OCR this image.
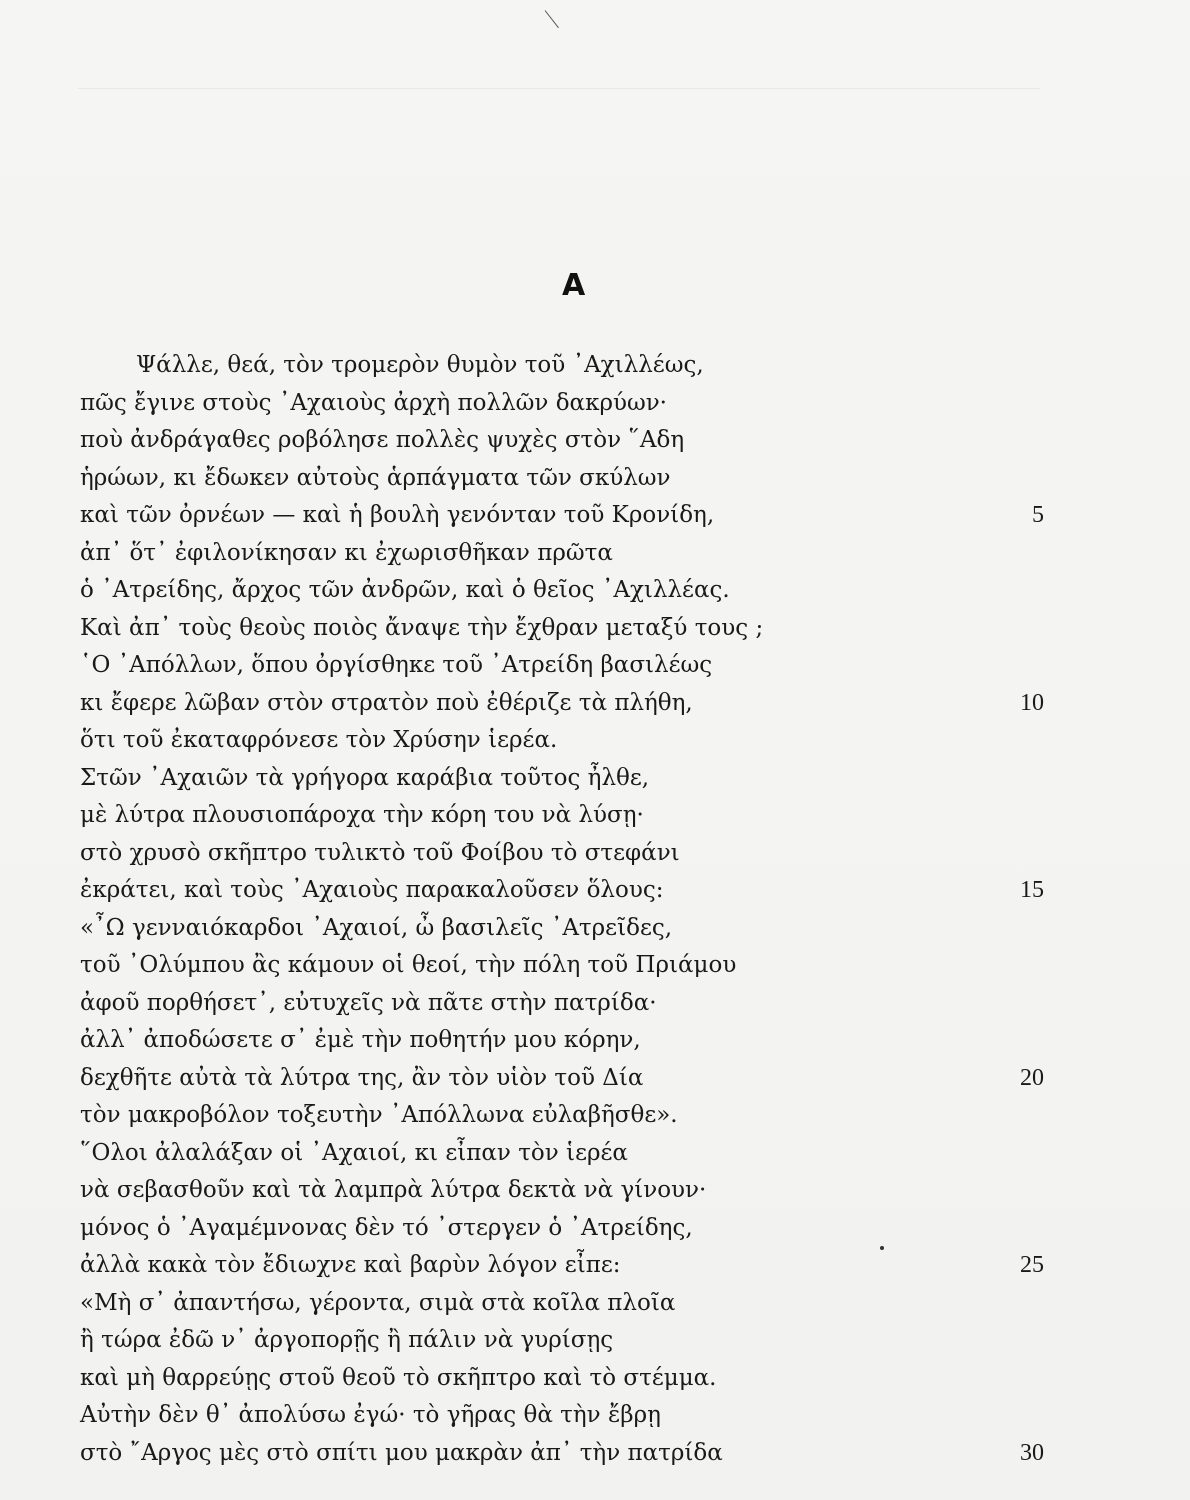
Α
Ψάλλε, θεά, τὸν τρομερὸν θυμὸν τοῦ ᾿Αχιλλέως,
πῶς ἔγινε στοὺς ᾿Αχαιοὺς ἀρχὴ πολλῶν δακρύων·
ποὺ ἀνδράγαθες ροβόλησε πολλὲς ψυχὲς στὸν ῞Αδη
ἡρώων, κι ἔδωκεν αὐτοὺς ἁρπάγματα τῶν σκύλων
καὶ τῶν ὀρνέων — καὶ ἡ βουλὴ γενόνταν τοῦ Κρονίδη,	5
ἀπ᾿ ὅτ᾿ ἐφιλονίκησαν κι ἐχωρισθῆκαν πρῶτα
ὁ ᾿Ατρείδης, ἄρχος τῶν ἀνδρῶν, καὶ ὁ θεῖος ᾿Αχιλλέας.
Καὶ ἀπ᾿ τοὺς θεοὺς ποιὸς ἄναψε τὴν ἔχθραν μεταξύ τους ;
῾Ο ᾿Απόλλων, ὅπου ὀργίσθηκε τοῦ ᾿Ατρείδη βασιλέως
κι ἔφερε λῶβαν στὸν στρατὸν ποὺ ἐθέριζε τὰ πλήθη,	10
ὅτι τοῦ ἐκαταφρόνεσε τὸν Χρύσην ἱερέα.
Στῶν ᾿Αχαιῶν τὰ γρήγορα καράβια τοῦτος ἦλθε,
μὲ λύτρα πλουσιοπάροχα τὴν κόρη του νὰ λύσῃ·
στὸ χρυσὸ σκῆπτρο τυλικτὸ τοῦ Φοίβου τὸ στεφάνι
ἐκράτει, καὶ τοὺς ᾿Αχαιοὺς παρακαλοῦσεν ὅλους:	15
«῏Ω γενναιόκαρδοι ᾿Αχαιοί, ὦ βασιλεῖς ᾿Ατρεῖδες,
τοῦ ᾿Ολύμπου ἂς κάμουν οἱ θεοί, τὴν πόλη τοῦ Πριάμου
ἀφοῦ πορθήσετ᾿, εὐτυχεῖς νὰ πᾶτε στὴν πατρίδα·
ἀλλ᾿ ἀποδώσετε σ᾿ ἐμὲ τὴν ποθητήν μου κόρην,
δεχθῆτε αὐτὰ τὰ λύτρα της, ἂν τὸν υἱὸν τοῦ Δία	20
τὸν μακροβόλον τοξευτὴν ᾿Απόλλωνα εὐλαβῆσθε».
῞Ολοι ἀλαλάξαν οἱ ᾿Αχαιοί, κι εἶπαν τὸν ἱερέα
νὰ σεβασθοῦν καὶ τὰ λαμπρὰ λύτρα δεκτὰ νὰ γίνουν·
μόνος ὁ ᾿Αγαμέμνονας δὲν τό ᾿στεργεν ὁ ᾿Ατρείδης,
ἀλλὰ κακὰ τὸν ἔδιωχνε καὶ βαρὺν λόγον εἶπε:	25
«Μὴ σ᾿ ἀπαντήσω, γέροντα, σιμὰ στὰ κοῖλα πλοῖα
ἢ τώρα ἐδῶ ν᾿ ἀργοπορῇς ἢ πάλιν νὰ γυρίσῃς
καὶ μὴ θαρρεύῃς στοῦ θεοῦ τὸ σκῆπτρο καὶ τὸ στέμμα.
Αὐτὴν δὲν θ᾿ ἀπολύσω ἐγώ· τὸ γῆρας θὰ τὴν ἔβρῃ
στὸ ῎Αργος μὲς στὸ σπίτι μου μακρὰν ἀπ᾿ τὴν πατρίδα	30
